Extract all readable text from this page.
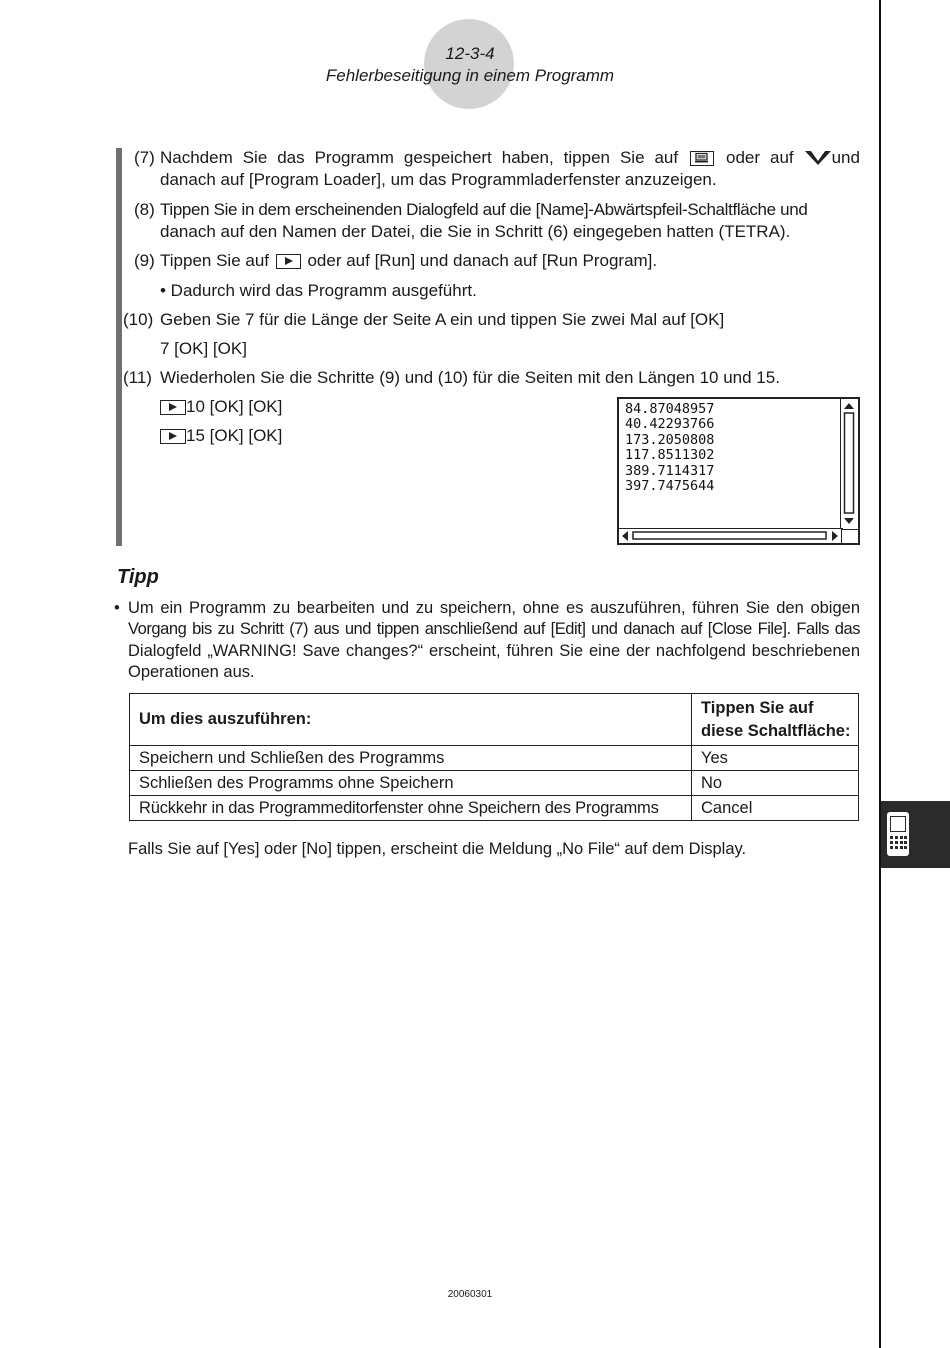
12-3-4
Fehlerbeseitigung in einem Programm
(7) Nachdem Sie das Programm gespeichert haben, tippen Sie auf	oder auf und
danach auf [Program Loader], um das Programmladerfenster anzuzeigen.
(8) Tippen Sie in dem erscheinenden Dialogfeld auf die [Name]-Abwärtspfeil-Schaltfläche und
danach auf den Namen der Datei, die Sie in Schritt (6) eingegeben hatten (TETRA).
(9) Tippen Sie auf oder auf [Run] und danach auf [Run Program].
• Dadurch wird das Programm ausgeführt.
(10) Geben Sie 7 für die Länge der Seite A ein und tippen Sie zwei Mal auf [OK]
7 [OK] [OK]
(11) Wiederholen Sie die Schritte (9) und (10) für die Seiten mit den Längen 10 und 15.
10 [OK] [OK]
15 [OK] [OK]
84.87048957
40.42293766
173.2050808
117.8511302
389.7114317
397.7475644
Tipp
• Um ein Programm zu bearbeiten und zu speichern, ohne es auszuführen, führen Sie den obigen
Vorgang bis zu Schritt (7) aus und tippen anschließend auf [Edit] und danach auf [Close File]. Falls das
Dialogfeld „WARNING! Save changes?“ erscheint, führen Sie eine der nachfolgend beschriebenen
Operationen aus.
Um dies auszuführen:	Tippen Sie auf
diese Schaltfläche:

Speichern und Schließen des Programms	Yes
Schließen des Programms ohne Speichern	No
Rückkehr in das Programmeditorfenster ohne Speichern des Programms	Cancel
Falls Sie auf [Yes] oder [No] tippen, erscheint die Meldung „No File“ auf dem Display.
20060301
